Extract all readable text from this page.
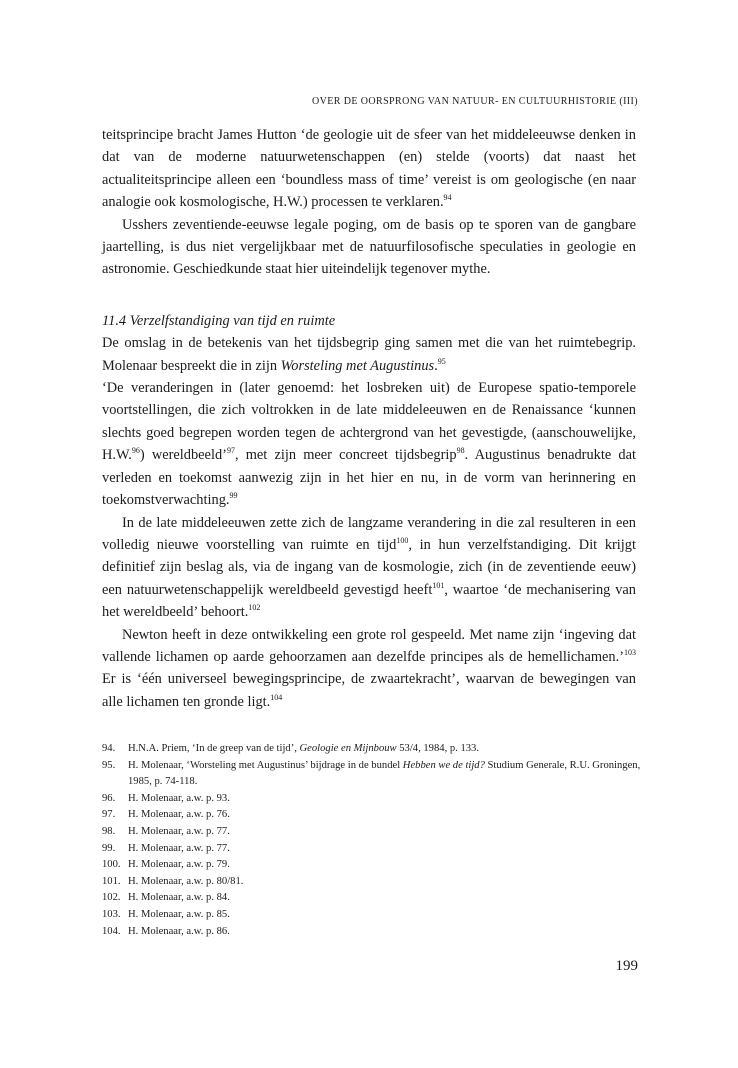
OVER DE OORSPRONG VAN NATUUR- EN CULTUURHISTORIE (III)

teitsprincipe bracht James Hutton ‘de geologie uit de sfeer van het middeleeuwse denken in dat van de moderne natuurwetenschappen (en) stelde (voorts) dat naast het actualiteitsprincipe alleen een ‘boundless mass of time’ vereist is om geologische (en naar analogie ook kosmologische, H.W.) processen te verklaren.$^{94}$

Usshers zeventiende-eeuwse legale poging, om de basis op te sporen van de gangbare jaartelling, is dus niet vergelijkbaar met de natuurfilosofische speculaties in geologie en astronomie. Geschiedkunde staat hier uiteindelijk tegenover mythe.

11.4 Verzelfstandiging van tijd en ruimte

De omslag in de betekenis van het tijdsbegrip ging samen met die van het ruimtebegrip. Molenaar bespreekt die in zijn Worsteling met Augustinus.$^{95}$

‘De veranderingen in (later genoemd: het losbreken uit) de Europese spatio-temporele voortstellingen, die zich voltrokken in de late middeleeuwen en de Renaissance ‘kunnen slechts goed begrepen worden tegen de achtergrond van het gevestigde, (aanschouwelijke, H.W.$^{96}$) wereldbeeld’$^{97}$, met zijn meer concreet tijdsbegrip$^{98}$. Augustinus benadrukte dat verleden en toekomst aanwezig zijn in het hier en nu, in de vorm van herinnering en toekomstverwachting.$^{99}$

In de late middeleeuwen zette zich de langzame verandering in die zal resulteren in een volledig nieuwe voorstelling van ruimte en tijd$^{100}$, in hun verzelfstandiging. Dit krijgt definitief zijn beslag als, via de ingang van de kosmologie, zich (in de zeventiende eeuw) een natuurwetenschappelijk wereldbeeld gevestigd heeft$^{101}$, waartoe ‘de mechanisering van het wereldbeeld’ behoort.$^{102}$

Newton heeft in deze ontwikkeling een grote rol gespeeld. Met name zijn ‘ingeving dat vallende lichamen op aarde gehoorzamen aan dezelfde principes als de hemellichamen.’$^{103}$ Er is ‘één universeel bewegingsprincipe, de zwaartekracht’, waarvan de bewegingen van alle lichamen ten gronde ligt.$^{104}$

94.	H.N.A. Priem, ‘In de greep van de tijd’, Geologie en Mijnbouw 53/4, 1984, p. 133.
95.	H. Molenaar, ‘Worsteling met Augustinus’ bijdrage in de bundel Hebben we de tijd? Studium Generale, R.U. Groningen, 1985, p. 74-118.
96.	H. Molenaar, a.w. p. 93.
97.	H. Molenaar, a.w. p. 76.
98.	H. Molenaar, a.w. p. 77.
99.	H. Molenaar, a.w. p. 77.
100. H. Molenaar, a.w. p. 79.
101. H. Molenaar, a.w. p. 80/81.
102. H. Molenaar, a.w. p. 84.
103. H. Molenaar, a.w. p. 85.
104. H. Molenaar, a.w. p. 86.
199
